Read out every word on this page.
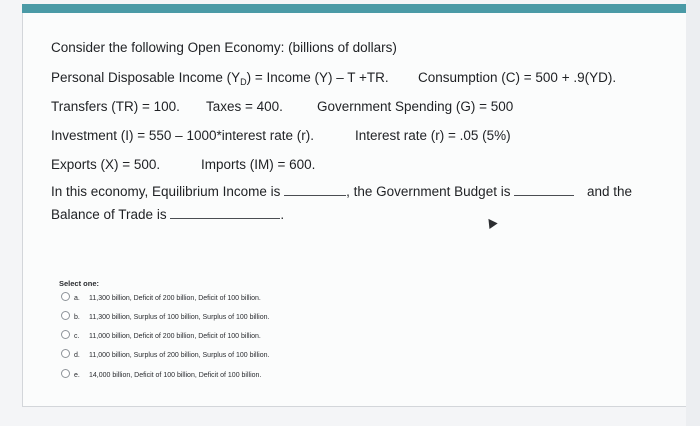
Consider the following Open Economy: (billions of dollars)
Personal Disposable Income $(Y_D)$ = Income (Y) – T +TR. Consumption (C) = 500 + .9(YD).
Transfers (TR) = 100. Taxes = 400.	Government Spending (G) = 500
Investment (I) = 550 – 1000*interest rate (r).	Interest rate (r) = .05 (5%)
Exports (X) = 500.	Imports (IM) = 600.
In this economy, Equilibrium Income is	, the Government Budget is	and the
Balance of Trade is	.
Select one:
a. 11,300 billion, Deficit of 200 billion, Deficit of 100 billion.
b. 11,300 billion, Surplus of 100 billion, Surplus of 100 billion.
c. 11,000 billion, Deficit of 200 billion, Deficit of 100 billion.
d. 11,000 billion, Surplus of 200 billion, Surplus of 100 billion.
e. 14,000 billion, Deficit of 100 billion, Deficit of 100 billion.
